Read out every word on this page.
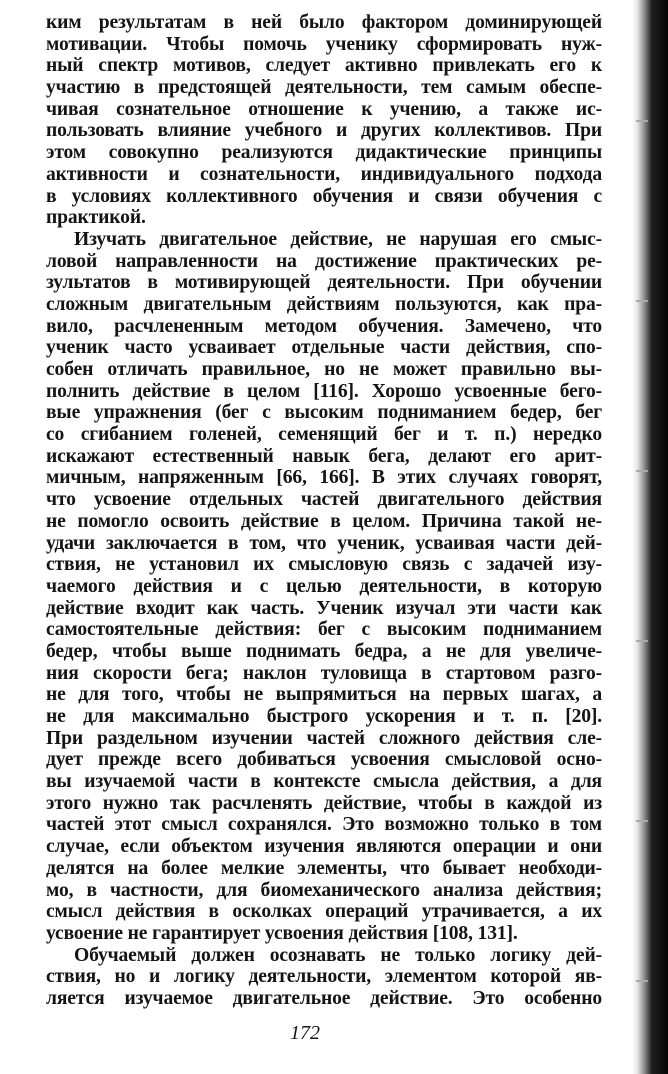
ким результатам в ней было фактором доминирующей
мотивации. Чтобы помочь ученику сформировать нуж-
ный спектр мотивов, следует активно привлекать его к
участию в предстоящей деятельности, тем самым обеспе-
чивая сознательное отношение к учению, а также ис-
пользовать влияние учебного и других коллективов. При
этом совокупно реализуются дидактические принципы
активности и сознательности, индивидуального подхода
в условиях коллективного обучения и связи обучения с
практикой.
Изучать двигательное действие, не нарушая его смыс-
ловой направленности на достижение практических ре-
зультатов в мотивирующей деятельности. При обучении
сложным двигательным действиям пользуются, как пра-
вило, расчлененным методом обучения. Замечено, что
ученик часто усваивает отдельные части действия, спо-
собен отличать правильное, но не может правильно вы-
полнить действие в целом [116]. Хорошо усвоенные бего-
вые упражнения (бег с высоким подниманием бедер, бег
со сгибанием голеней, семенящий бег и т. п.) нередко
искажают естественный навык бега, делают его арит-
мичным, напряженным [66, 166]. В этих случаях говорят,
что усвоение отдельных частей двигательного действия
не помогло освоить действие в целом. Причина такой не-
удачи заключается в том, что ученик, усваивая части дей-
ствия, не установил их смысловую связь с задачей изу-
чаемого действия и с целью деятельности, в которую
действие входит как часть. Ученик изучал эти части как
самостоятельные действия: бег с высоким подниманием
бедер, чтобы выше поднимать бедра, а не для увеличе-
ния скорости бега; наклон туловища в стартовом разго-
не для того, чтобы не выпрямиться на первых шагах, а
не для максимально быстрого ускорения и т. п. [20].
При раздельном изучении частей сложного действия сле-
дует прежде всего добиваться усвоения смысловой осно-
вы изучаемой части в контексте смысла действия, а для
этого нужно так расчленять действие, чтобы в каждой из
частей этот смысл сохранялся. Это возможно только в том
случае, если объектом изучения являются операции и они
делятся на более мелкие элементы, что бывает необходи-
мо, в частности, для биомеханического анализа действия;
смысл действия в осколках операций утрачивается, а их
усвоение не гарантирует усвоения действия [108, 131].
Обучаемый должен осознавать не только логику дей-
ствия, но и логику деятельности, элементом которой яв-
ляется изучаемое двигательное действие. Это особенно
172
